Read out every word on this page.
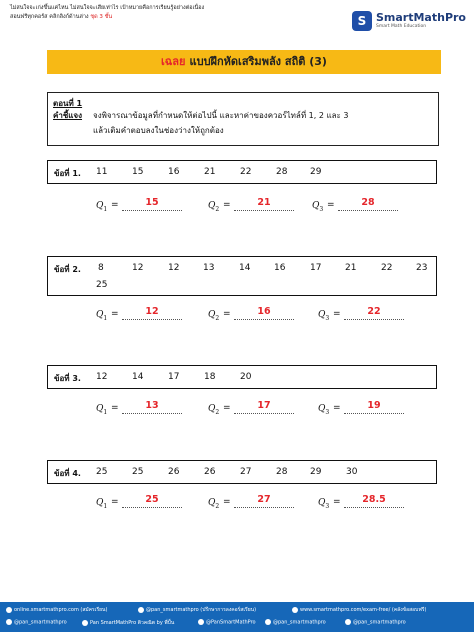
ไม่สนใจจะเก่งขึ้นแค่ไหน ไม่สนใจจะเสียเท่าไร เป้าหมายคือการเรียนรู้อย่างต่อเนื่อง
สอนฟรีทุกคอร์ส คลิกลิงก์ด้านล่าง ชุด 3 ชั้น	S SmartMathPro
Smart Math Education
เฉลย แบบฝึกหัดเสริมพลัง สถิติ (3)
ตอนที่ 1
คำชี้แจง จงพิจารณาข้อมูลที่กำหนดให้ต่อไปนี้ และหาค่าของควอร์ไทล์ที่ 1, 2 และ 3
แล้วเติมคำตอบลงในช่องว่างให้ถูกต้อง
ข้อที่ 1. 11	15	16	21	22	28	29
$Q_1$ =	15	$Q_2$ =	21	$Q_3$ =	28
ข้อที่ 2. 8	12	12	13	14	16	17	21	22	23
25
$Q_1$ =	12	$Q_2$ =	16	$Q_3$ =	22
ข้อที่ 3. 12	14	17	18	20
$Q_1$ =	13	$Q_2$ =	17	$Q_3$ =	19
ข้อที่ 4. 25	25	26	26	27	28	29	30
$Q_1$ =	25	$Q_2$ =	27	$Q_3$ =	28.5
online.smartmathpro.com (สมัครเรียน)	@pan_smartmathpro (ปรึกษาการลงคอร์สเรียน)	www.smartmathpro.com/exam-free/ (คลังข้อสอบฟรี)
@pan_smartmathpro	Pan SmartMathPro ติวคณิต by พี่ปั้น	@PanSmartMathPro	@pan_smartmathpro	@pan_smartmathpro
